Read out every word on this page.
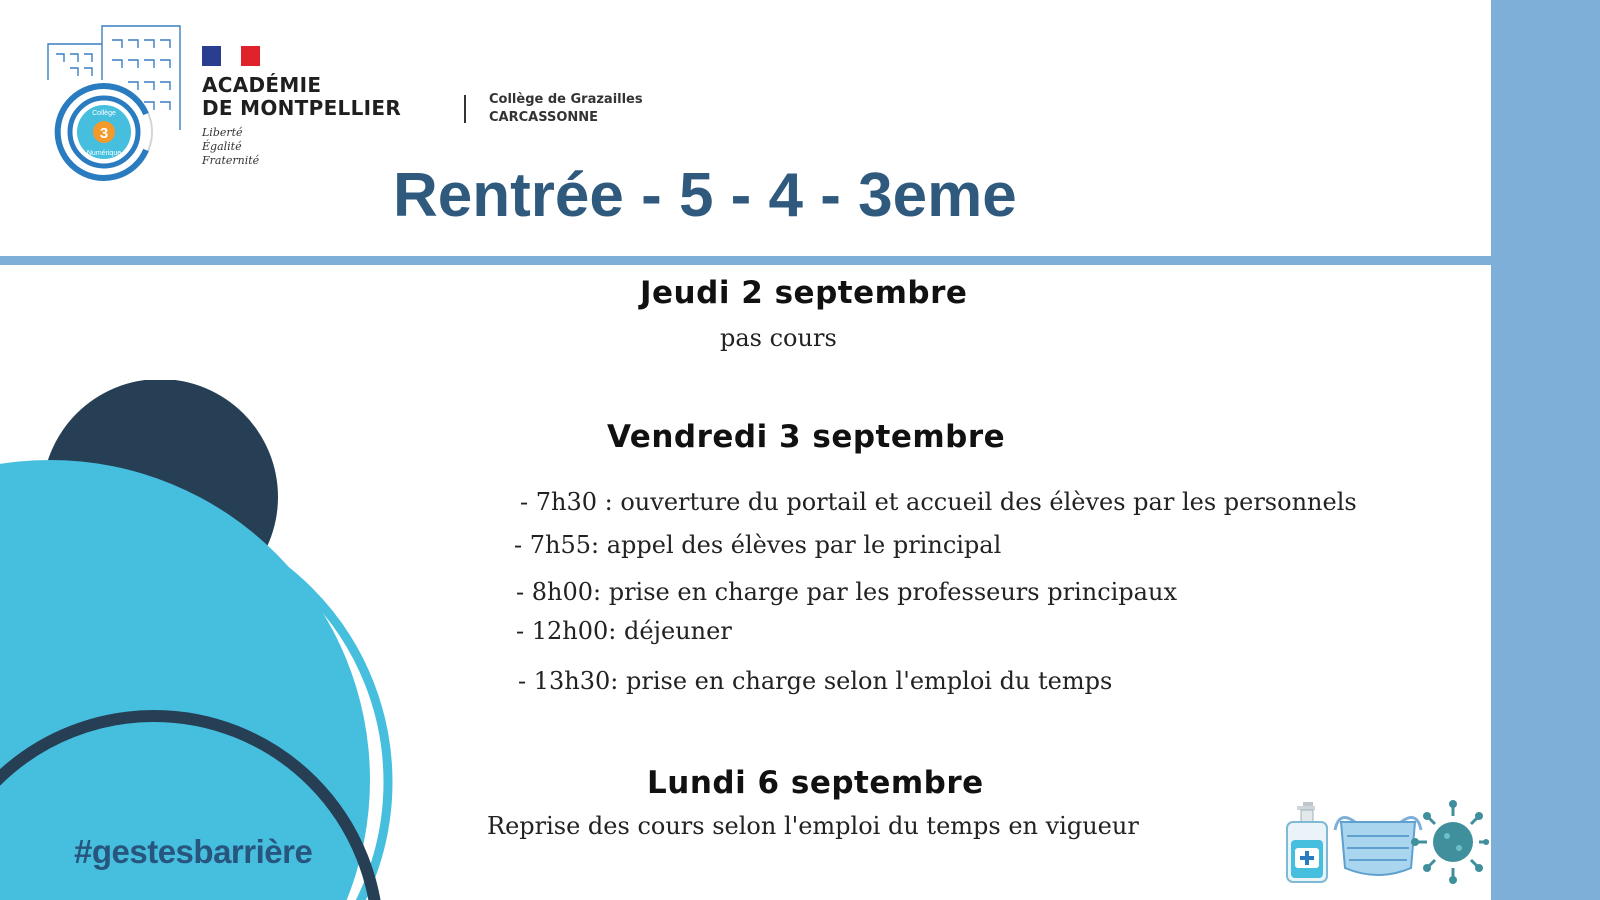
3
Collège
Numérique
ACADÉMIE
DE MONTPELLIER
Liberté
Égalité
Fraternité
Collège de Grazailles
CARCASSONNE
Rentrée - 5 - 4 - 3eme
Jeudi 2 septembre

pas cours

Vendredi 3 septembre

- 7h30 : ouverture du portail et accueil des élèves par les personnels

- 7h55: appel des élèves par le principal

- 8h00: prise en charge par les professeurs principaux

- 12h00: déjeuner

- 13h30: prise en charge selon l'emploi du temps

Lundi 6 septembre

Reprise des cours selon l'emploi du temps en vigueur

#gestesbarrière
